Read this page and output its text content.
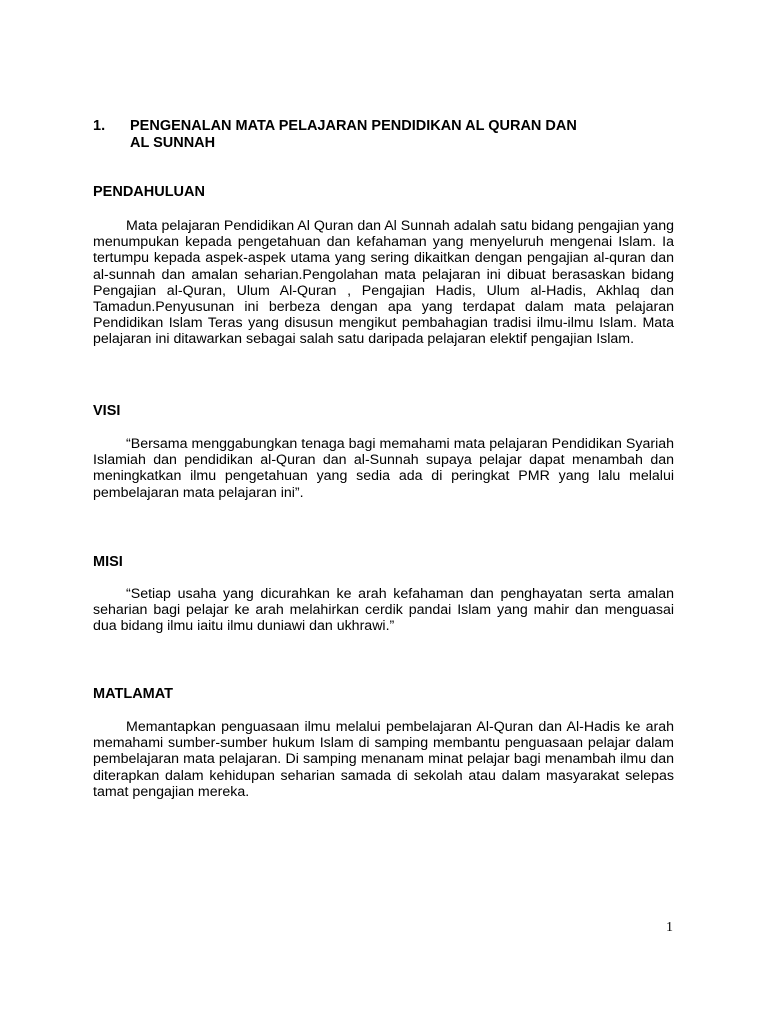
1. PENGENALAN MATA PELAJARAN PENDIDIKAN AL QURAN DAN
AL SUNNAH
PENDAHULUAN

Mata pelajaran Pendidikan Al Quran dan Al Sunnah adalah satu bidang pengajian yang menumpukan kepada pengetahuan dan kefahaman yang menyeluruh mengenai Islam. Ia tertumpu kepada aspek-aspek utama yang sering dikaitkan dengan pengajian al-quran dan al-sunnah dan amalan seharian.Pengolahan mata pelajaran ini dibuat berasaskan bidang Pengajian al-Quran, Ulum Al-Quran , Pengajian Hadis, Ulum al-Hadis, Akhlaq dan Tamadun.Penyusunan ini berbeza dengan apa yang terdapat dalam mata pelajaran Pendidikan Islam Teras yang disusun mengikut pembahagian tradisi ilmu-ilmu Islam. Mata pelajaran ini ditawarkan sebagai salah satu daripada pelajaran elektif pengajian Islam.

VISI

“Bersama menggabungkan tenaga bagi memahami mata pelajaran Pendidikan Syariah Islamiah dan pendidikan al-Quran dan al-Sunnah supaya pelajar dapat menambah dan meningkatkan ilmu pengetahuan yang sedia ada di peringkat PMR yang lalu melalui pembelajaran mata pelajaran ini”.

MISI

“Setiap usaha yang dicurahkan ke arah kefahaman dan penghayatan serta amalan seharian bagi pelajar ke arah melahirkan cerdik pandai Islam yang mahir dan menguasai dua bidang ilmu iaitu ilmu duniawi dan ukhrawi.”

MATLAMAT

Memantapkan penguasaan ilmu melalui pembelajaran Al-Quran dan Al-Hadis ke arah memahami sumber-sumber hukum Islam di samping membantu penguasaan pelajar dalam pembelajaran mata pelajaran. Di samping menanam minat pelajar bagi menambah ilmu dan diterapkan dalam kehidupan seharian samada di sekolah atau dalam masyarakat selepas tamat pengajian mereka.

1
